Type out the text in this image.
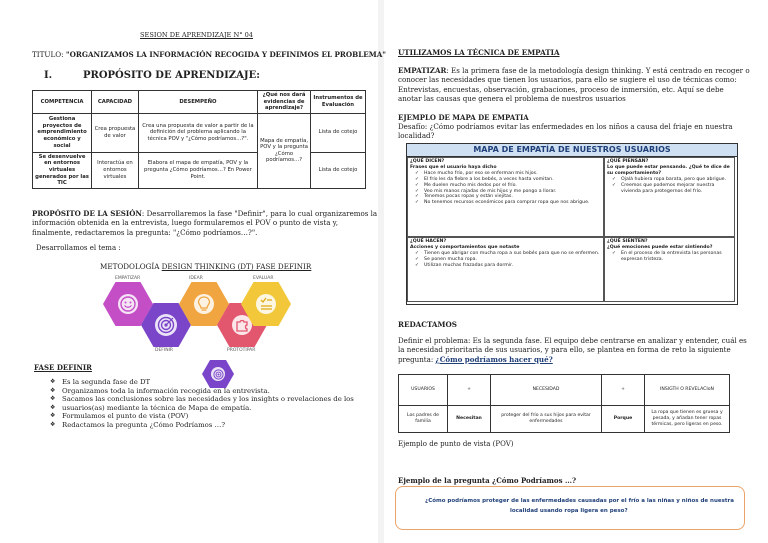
SESION DE APRENDIZAJE N° 04
TITULO: "ORGANIZAMOS LA INFORMACIÓN RECOGIDA Y DEFINIMOS EL PROBLEMA"
I.	PROPÓSITO DE APRENDIZAJE:
COMPETENCIA	CAPACIDAD	DESEMPEÑO	¿Qué nos dará evidencias de aprendizaje?	Instrumentos de Evaluación
Gestiona proyectos de emprendimiento económico y social	Crea propuesta de valor	Crea una propuesta de valor a partir de la definición del problema aplicando la técnica POV y "¿Cómo podríamos…?".	Mapa de empatía, POV y la pregunta ¿Cómo podríamos…?	Lista de cotejo
Se desenvuelve en entornos virtuales generados por las TIC	Interactúa en entornos virtuales	Elabora el mapa de empatía, POV y la pregunta ¿Cómo podríamos…? En Power Point.		Lista de cotejo
PROPÓSITO DE LA SESIÓN: Desarrollaremos la fase "Definir", para lo cual organizaremos la
información obtenida en la entrevista, luego formularemos el POV o punto de vista y,
finalmente, redactaremos la pregunta: "¿Cómo podríamos…?".
Desarrollamos el tema :
METODOLOGÍA DESIGN THINKING (DT) FASE DEFINIR
EMPATIZAR	IDEAR	EVALUAR
DEFINIR	PROTOTIPAR
FASE DEFINIR
❖ Es la segunda fase de DT
❖ Organizamos toda la información recogida en la entrevista.
❖ Sacamos las conclusiones sobre las necesidades y los insights o revelaciones de los
❖ usuarios(as) mediante la técnica de Mapa de empatía.
❖ Formulamos el punto de vista (POV)
❖ Redactamos la pregunta ¿Cómo Podríamos …?
UTILIZAMOS LA TÉCNICA DE EMPATIA
EMPATIZAR: Es la primera fase de la metodología design thinking. Y está centrado en recoger o
conocer las necesidades que tienen los usuarios, para ello se sugiere el uso de técnicas como:
Entrevistas, encuestas, observación, grabaciones, proceso de inmersión, etc. Aquí se debe
anotar las causas que genera el problema de nuestros usuarios
EJEMPLO DE MAPA DE EMPATIA
Desafío: ¿Cómo podríamos evitar las enfermedades en los niños a causa del friaje en nuestra
localidad?
MAPA DE EMPATÍA DE NUESTROS USUARIOS
¿QUÉ DICEN?
Frases que el usuario haya dicho
✓ Hace mucho frío, por eso se enferman mis hijos.
✓ El frío les da fiebre a los bebés, a veces hasta vomitan.
✓ Me duelen mucho mis dedos por el frío.
✓ Veo mis manos rajadas de mis hijos y me pongo a llorar.
✓ Tenemos pocas ropas y están viejitas.
✓ No tenemos recursos económicos para comprar ropa que nos abrigue.
¿QUÉ PIENSAN?
Lo que puede estar pensando. ¿Qué te dice de su comportamiento?
✓ Ojalá hubiera ropa barata, pero que abrigue.
✓ Creemos que podemos mejorar nuestra vivienda para protegernos del frío.
¿QUÉ HACEN?
Acciones y comportamientos que notaste
✓ Tienen que abrigar con mucha ropa a sus bebés para que no se enfermen.
✓ Se ponen mucha ropa.
✓ Utilizan muchas frazadas para dormir.
¿QUÉ SIENTEN?
¿Qué emociones puede estar sintiendo?
✓ En el proceso de la entrevista las personas expresan tristeza.
REDACTAMOS
Definir el problema: Es la segunda fase. El equipo debe centrarse en analizar y entender, cuál es
la necesidad prioritaria de sus usuarios, y para ello, se plantea en forma de reto la siguiente
pregunta: ¿Cómo podríamos hacer qué?
USUARIOS	+	NECESIDAD	+	INSIGTH O REVELACIoN
Los padres de familia	Necesitan	proteger del frío a sus hijos para evitar enfermedades	Porque	La ropa que tienen es gruesa y pesada, y añadan tener ropas térmicas, pero ligeras en peso.
Ejemplo de punto de vista (POV)
Ejemplo de la pregunta ¿Cómo Podríamos …?
¿Cómo podríamos proteger de las enfermedades causadas por el frío a las niñas y niños de nuestra
localidad usando ropa ligera en peso?
